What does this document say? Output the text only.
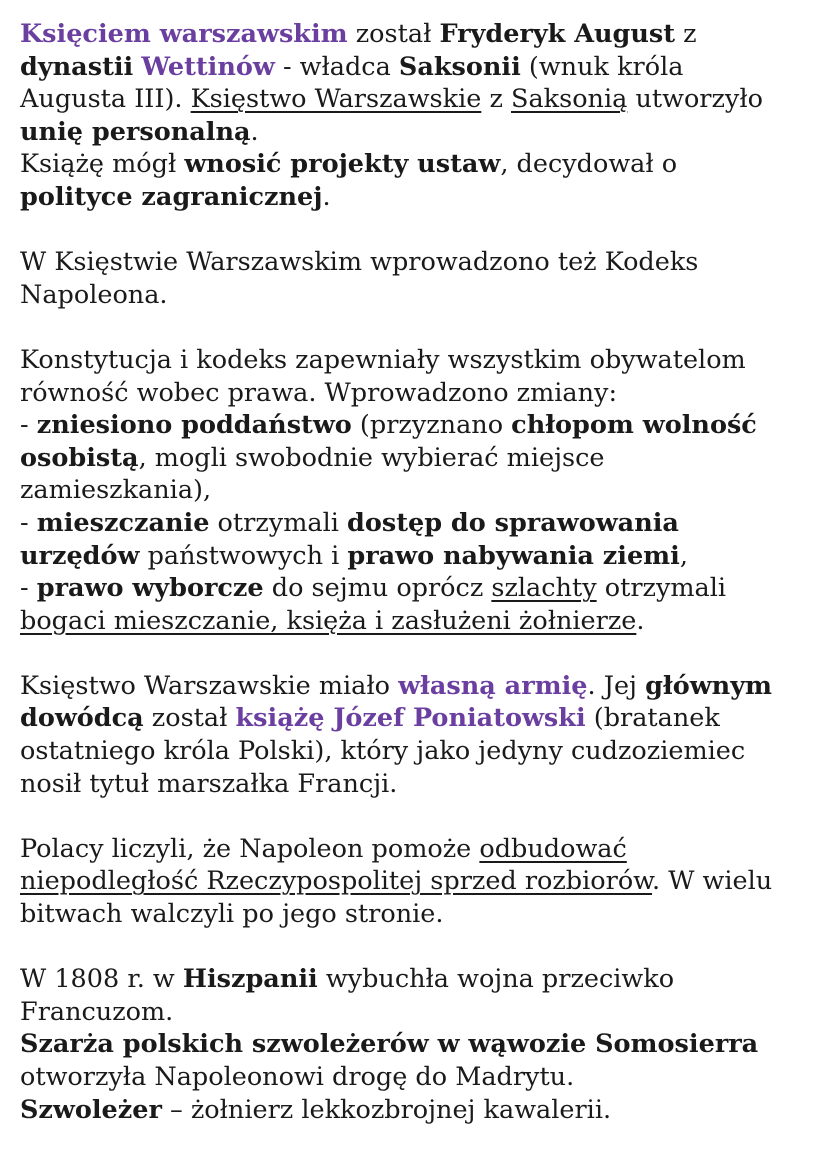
Księciem warszawskim został Fryderyk August z
dynastii Wettinów - władca Saksonii (wnuk króla
Augusta III). Księstwo Warszawskie z Saksonią utworzyło
unię personalną.
Książę mógł wnosić projekty ustaw, decydował o
polityce zagranicznej.
W Księstwie Warszawskim wprowadzono też Kodeks
Napoleona.
Konstytucja i kodeks zapewniały wszystkim obywatelom
równość wobec prawa. Wprowadzono zmiany:
- zniesiono poddaństwo (przyznano chłopom wolność
osobistą, mogli swobodnie wybierać miejsce
zamieszkania),
- mieszczanie otrzymali dostęp do sprawowania
urzędów państwowych i prawo nabywania ziemi,
- prawo wyborcze do sejmu oprócz szlachty otrzymali
bogaci mieszczanie, księża i zasłużeni żołnierze.
Księstwo Warszawskie miało własną armię. Jej głównym
dowódcą został książę Józef Poniatowski (bratanek
ostatniego króla Polski), który jako jedyny cudzoziemiec
nosił tytuł marszałka Francji.
Polacy liczyli, że Napoleon pomoże odbudować
niepodległość Rzeczypospolitej sprzed rozbiorów. W wielu
bitwach walczyli po jego stronie.
W 1808 r. w Hiszpanii wybuchła wojna przeciwko
Francuzom.
Szarża polskich szwoleżerów w wąwozie Somosierra
otworzyła Napoleonowi drogę do Madrytu.
Szwoleżer – żołnierz lekkozbrojnej kawalerii.
